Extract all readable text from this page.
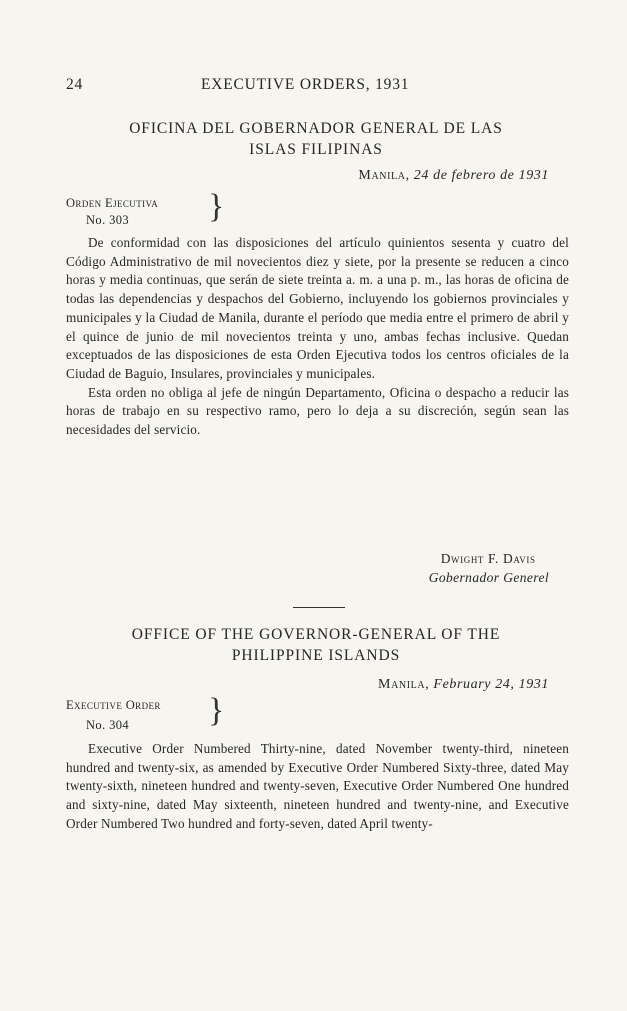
24	EXECUTIVE ORDERS, 1931
OFICINA DEL GOBERNADOR GENERAL DE LAS
ISLAS FILIPINAS
Manila, 24 de febrero de 1931
Orden Ejecutiva
No. 303	}

De conformidad con las disposiciones del artículo quinientos sesenta y cuatro del Código Administrativo de mil novecientos diez y siete, por la presente se reducen a cinco horas y media continuas, que serán de siete treinta a. m. a una p. m., las horas de oficina de todas las dependencias y despachos del Gobierno, incluyendo los gobiernos provinciales y municipales y la Ciudad de Manila, durante el período que media entre el primero de abril y el quince de junio de mil novecientos treinta y uno, ambas fechas inclusive. Quedan exceptuados de las disposiciones de esta Orden Ejecutiva todos los centros oficiales de la Ciudad de Baguio, Insulares, provinciales y municipales.

Esta orden no obliga al jefe de ningún Departamento, Oficina o despacho a reducir las horas de trabajo en su respectivo ramo, pero lo deja a su discreción, según sean las necesidades del servicio.

Dwight F. Davis
Gobernador Generel
OFFICE OF THE GOVERNOR-GENERAL OF THE
PHILIPPINE ISLANDS
Manila, February 24, 1931
Executive Order
No. 304	}

Executive Order Numbered Thirty-nine, dated November twenty-third, nineteen hundred and twenty-six, as amended by Executive Order Numbered Sixty-three, dated May twenty-sixth, nineteen hundred and twenty-seven, Executive Order Numbered One hundred and sixty-nine, dated May sixteenth, nineteen hundred and twenty-nine, and Executive Order Numbered Two hundred and forty-seven, dated April twenty-
